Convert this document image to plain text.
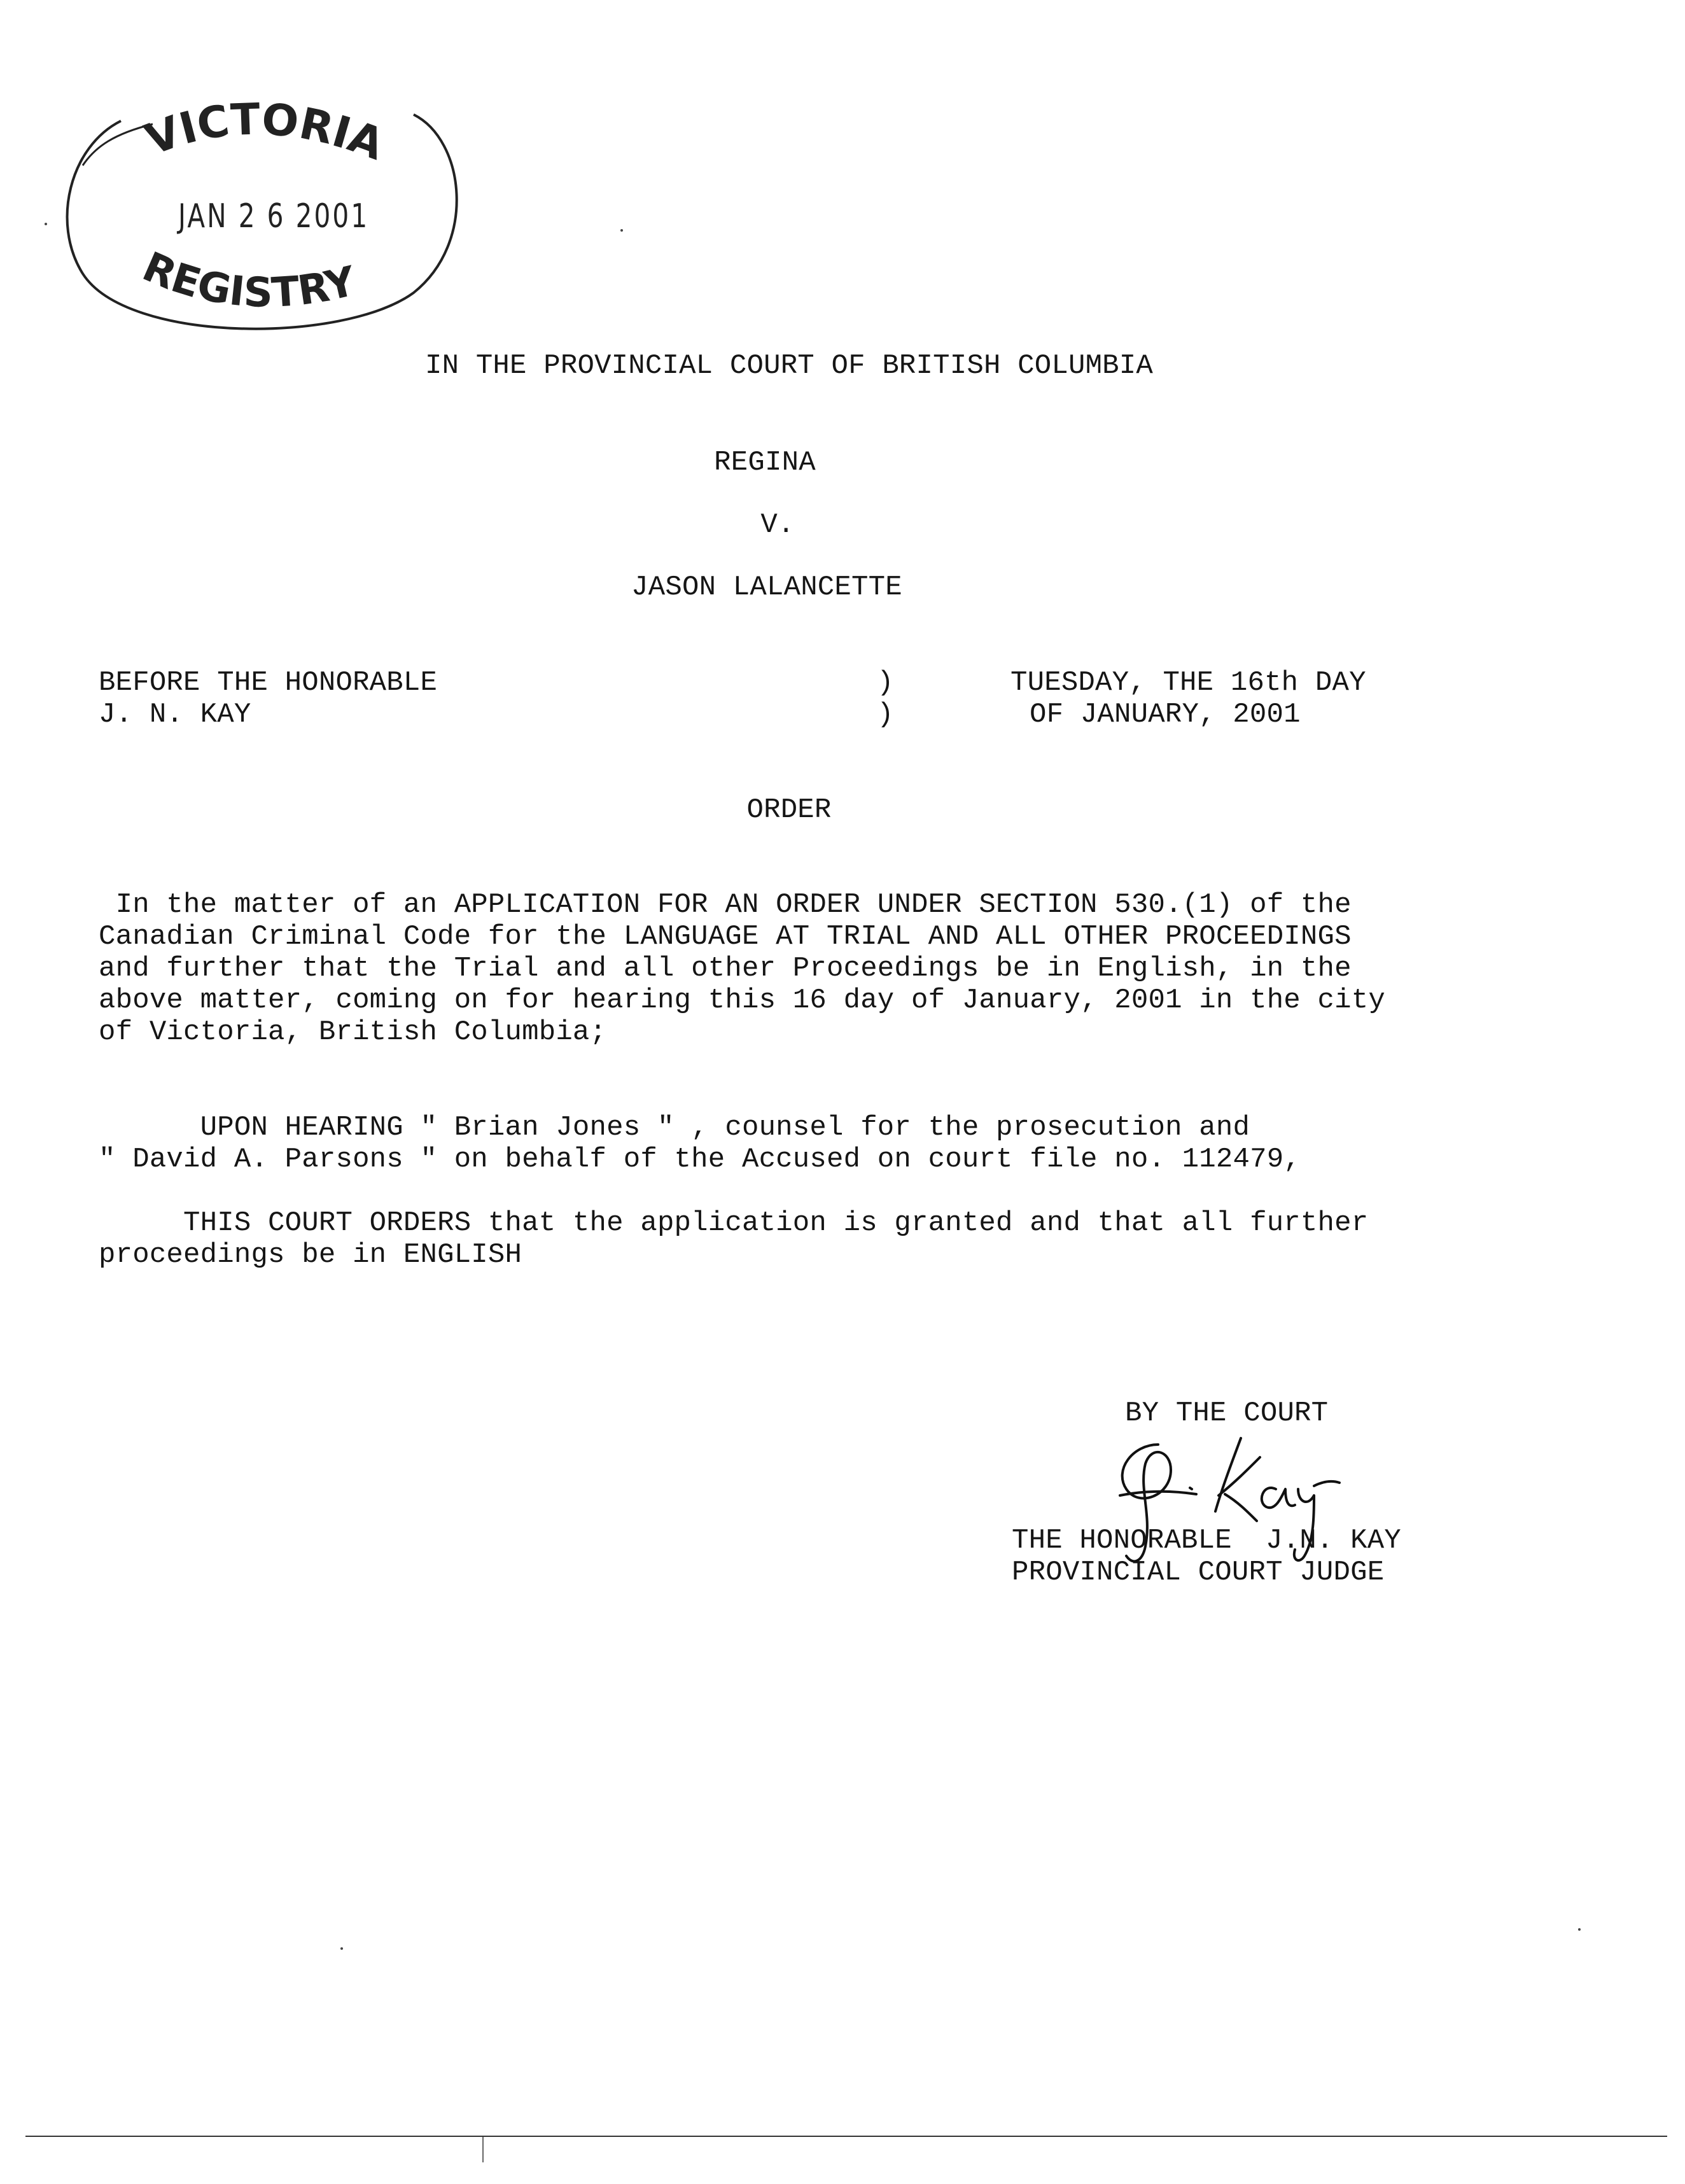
VICTORIA
REGISTRY
JAN 2 6 2001
IN THE PROVINCIAL COURT OF BRITISH COLUMBIA
REGINA
V.
JASON LALANCETTE
BEFORE THE HONORABLE
J. N. KAY
)
)
TUESDAY, THE 16th DAY
OF JANUARY, 2001
ORDER
In the matter of an APPLICATION FOR AN ORDER UNDER SECTION 530.(1) of the
Canadian Criminal Code for the LANGUAGE AT TRIAL AND ALL OTHER PROCEEDINGS
and further that the Trial and all other Proceedings be in English, in the
above matter, coming on for hearing this 16 day of January, 2001 in the city
of Victoria, British Columbia;
UPON HEARING " Brian Jones " , counsel for the prosecution and
" David A. Parsons " on behalf of the Accused on court file no. 112479,
THIS COURT ORDERS that the application is granted and that all further
proceedings be in ENGLISH
BY THE COURT
THE HONORABLE  J.N. KAY
PROVINCIAL COURT JUDGE
